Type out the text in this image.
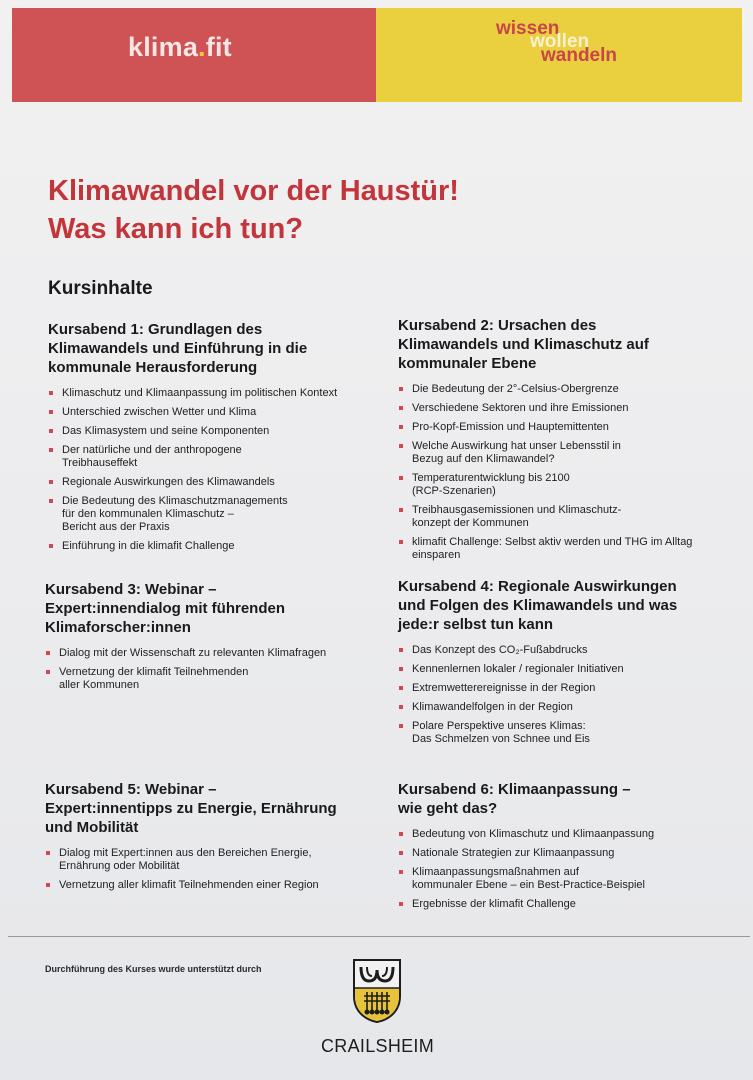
klima.fit
wissen
wollen
wandeln
Klimawandel vor der Haustür!
Was kann ich tun?
Kursinhalte
Kursabend 1: Grundlagen des
Klimawandels und Einführung in die
kommunale Herausforderung
Klimaschutz und Klimaanpassung im politischen Kontext
Unterschied zwischen Wetter und Klima
Das Klimasystem und seine Komponenten
Der natürliche und der anthropogene
Treibhauseffekt
Regionale Auswirkungen des Klimawandels
Die Bedeutung des Klimaschutzmanagements
für den kommunalen Klimaschutz –
Bericht aus der Praxis
Einführung in die klimafit Challenge
Kursabend 2: Ursachen des
Klimawandels und Klimaschutz auf
kommunaler Ebene
Die Bedeutung der 2°-Celsius-Obergrenze
Verschiedene Sektoren und ihre Emissionen
Pro-Kopf-Emission und Hauptemittenten
Welche Auswirkung hat unser Lebensstil in
Bezug auf den Klimawandel?
Temperaturentwicklung bis 2100
(RCP-Szenarien)
Treibhausgasemissionen und Klimaschutz-
konzept der Kommunen
klimafit Challenge: Selbst aktiv werden und THG im Alltag
einsparen
Kursabend 3: Webinar –
Expert:innendialog mit führenden
Klimaforscher:innen
Dialog mit der Wissenschaft zu relevanten Klimafragen
Vernetzung der klimafit Teilnehmenden
aller Kommunen
Kursabend 4: Regionale Auswirkungen
und Folgen des Klimawandels und was
jede:r selbst tun kann
Das Konzept des CO₂-Fußabdrucks
Kennenlernen lokaler / regionaler Initiativen
Extremwetterereignisse in der Region
Klimawandelfolgen in der Region
Polare Perspektive unseres Klimas:
Das Schmelzen von Schnee und Eis
Kursabend 5: Webinar –
Expert:innentipps zu Energie, Ernährung
und Mobilität
Dialog mit Expert:innen aus den Bereichen Energie,
Ernährung oder Mobilität
Vernetzung aller klimafit Teilnehmenden einer Region
Kursabend 6: Klimaanpassung –
wie geht das?
Bedeutung von Klimaschutz und Klimaanpassung
Nationale Strategien zur Klimaanpassung
Klimaanpassungsmaßnahmen auf
kommunaler Ebene – ein Best-Practice-Beispiel
Ergebnisse der klimafit Challenge
Durchführung des Kurses wurde unterstützt durch
CRAILSHEIM
